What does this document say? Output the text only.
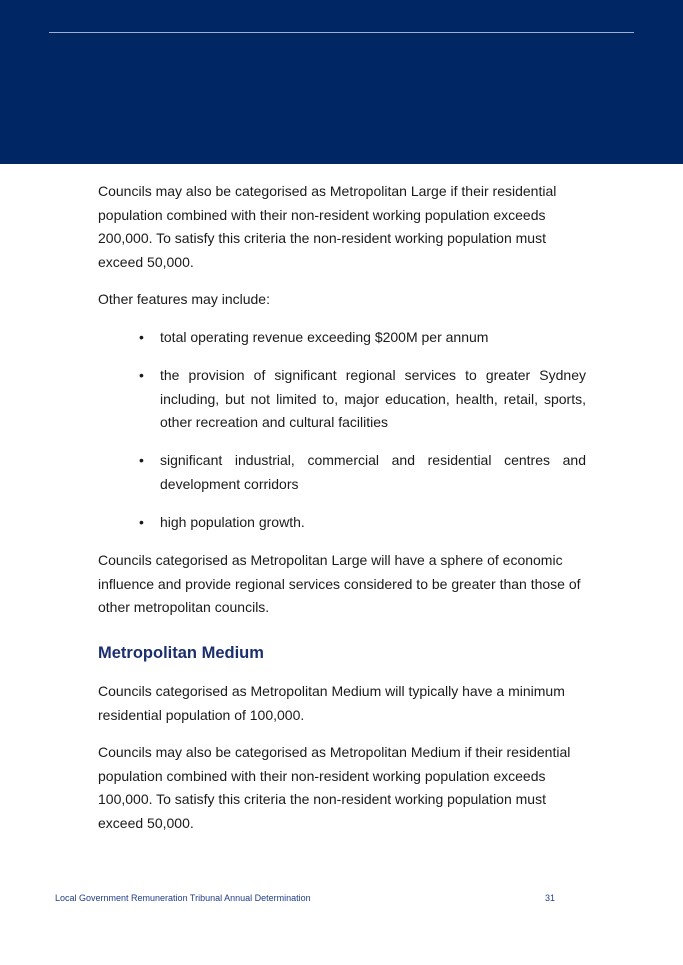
Councils may also be categorised as Metropolitan Large if their residential population combined with their non-resident working population exceeds 200,000. To satisfy this criteria the non-resident working population must exceed 50,000.

Other features may include:

• total operating revenue exceeding $200M per annum
• the provision of significant regional services to greater Sydney including, but not limited to, major education, health, retail, sports, other recreation and cultural facilities
• significant industrial, commercial and residential centres and development corridors
• high population growth.

Councils categorised as Metropolitan Large will have a sphere of economic influence and provide regional services considered to be greater than those of other metropolitan councils.

Metropolitan Medium

Councils categorised as Metropolitan Medium will typically have a minimum residential population of 100,000.

Councils may also be categorised as Metropolitan Medium if their residential population combined with their non-resident working population exceeds 100,000. To satisfy this criteria the non-resident working population must exceed 50,000.

Local Government Remuneration Tribunal Annual Determination	31
